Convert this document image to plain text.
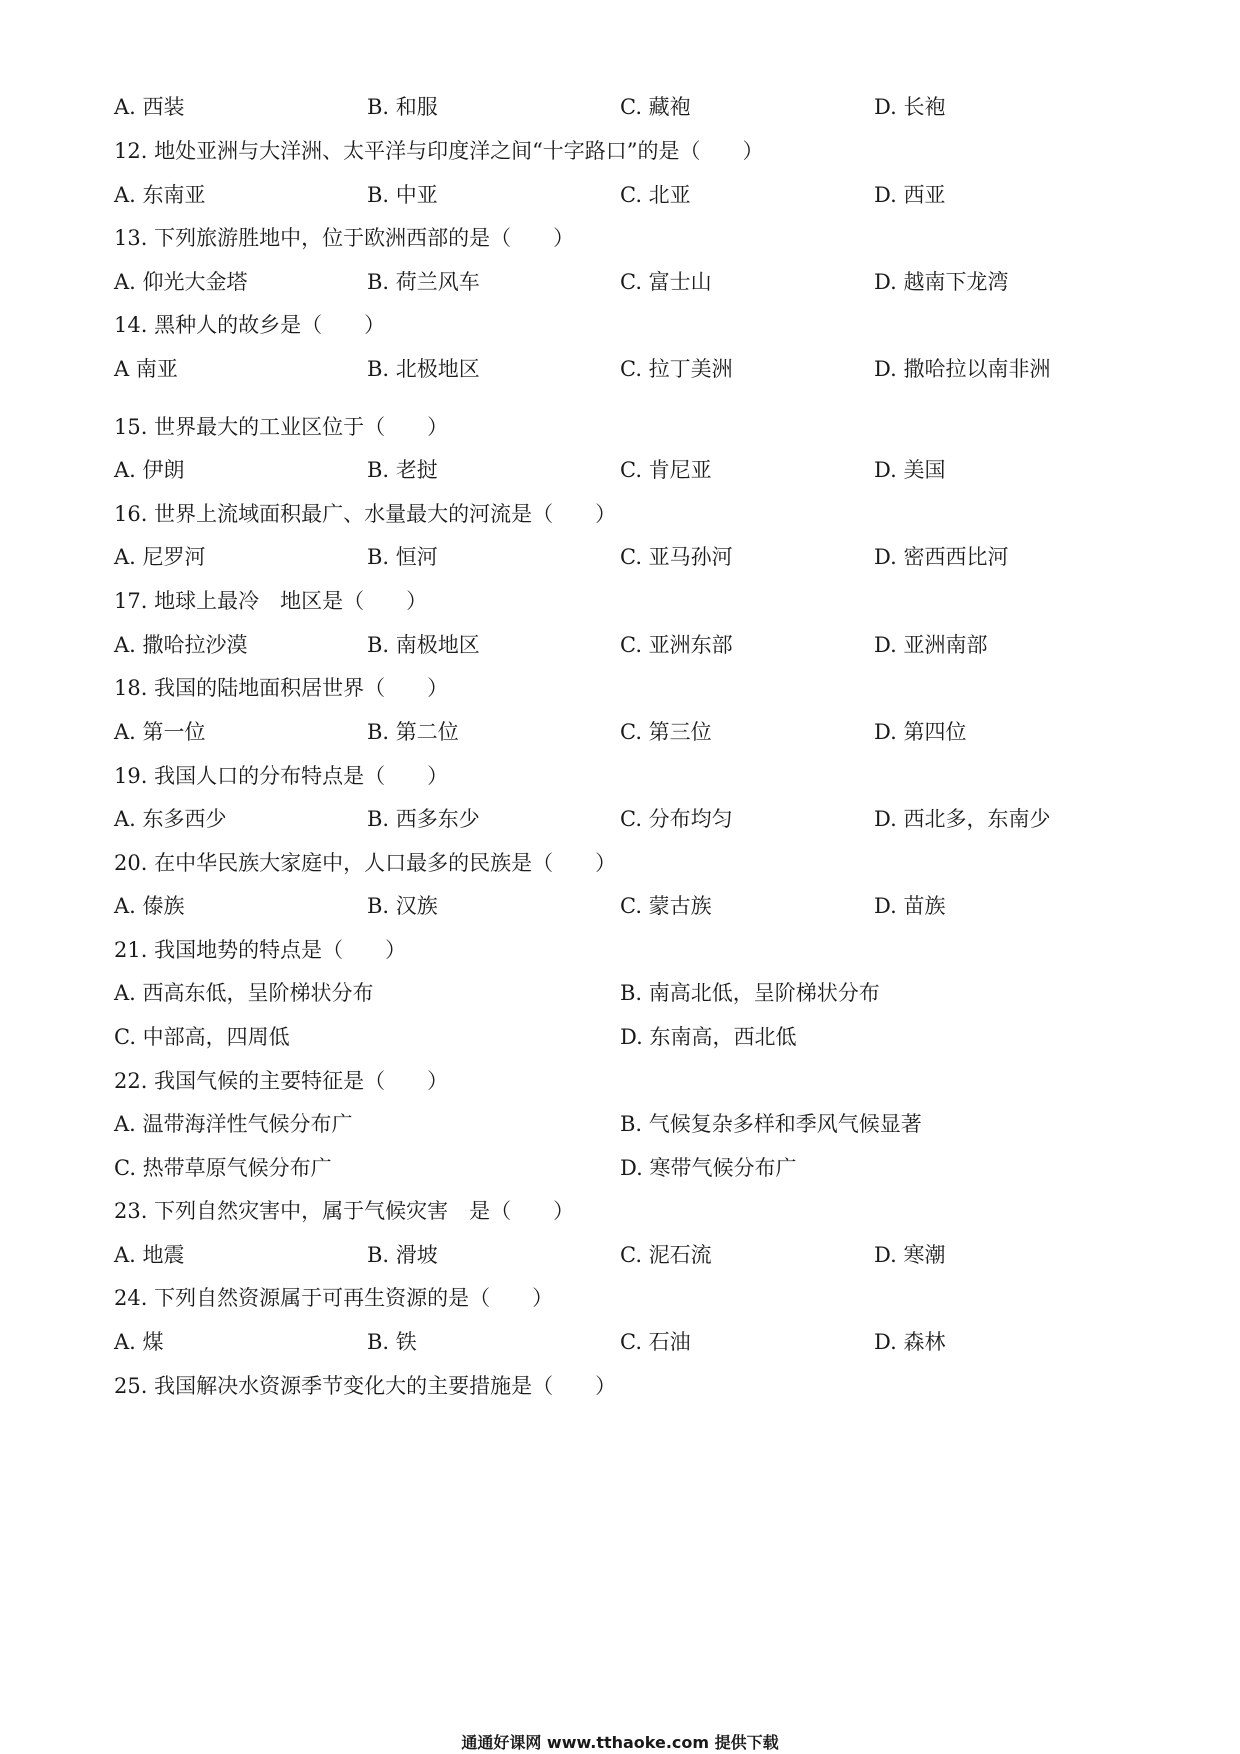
A. 西装	B. 和服	C. 藏袍	D. 长袍
12. 地处亚洲与大洋洲、太平洋与印度洋之间“十字路口”的是（　　）
A. 东南亚	B. 中亚	C. 北亚	D. 西亚
13. 下列旅游胜地中，位于欧洲西部的是（　　）
A. 仰光大金塔	B. 荷兰风车	C. 富士山	D. 越南下龙湾
14. 黑种人的故乡是（　　）
A 南亚	B. 北极地区	C. 拉丁美洲	D. 撒哈拉以南非洲
15. 世界最大的工业区位于（　　）
A. 伊朗	B. 老挝	C. 肯尼亚	D. 美国
16. 世界上流域面积最广、水量最大的河流是（　　）
A. 尼罗河	B. 恒河	C. 亚马孙河	D. 密西西比河
17. 地球上最冷　地区是（　　）
A. 撒哈拉沙漠	B. 南极地区	C. 亚洲东部	D. 亚洲南部
18. 我国的陆地面积居世界（　　）
A. 第一位	B. 第二位	C. 第三位	D. 第四位
19. 我国人口的分布特点是（　　）
A. 东多西少	B. 西多东少	C. 分布均匀	D. 西北多，东南少
20. 在中华民族大家庭中，人口最多的民族是（　　）
A. 傣族	B. 汉族	C. 蒙古族	D. 苗族
21. 我国地势的特点是（　　）
A. 西高东低，呈阶梯状分布	B. 南高北低，呈阶梯状分布
C. 中部高，四周低	D. 东南高，西北低
22. 我国气候的主要特征是（　　）
A. 温带海洋性气候分布广	B. 气候复杂多样和季风气候显著
C. 热带草原气候分布广	D. 寒带气候分布广
23. 下列自然灾害中，属于气候灾害　是（　　）
A. 地震	B. 滑坡	C. 泥石流	D. 寒潮
24. 下列自然资源属于可再生资源的是（　　）
A. 煤	B. 铁	C. 石油	D. 森林
25. 我国解决水资源季节变化大的主要措施是（　　）
通通好课网 www.tthaoke.com 提供下载
